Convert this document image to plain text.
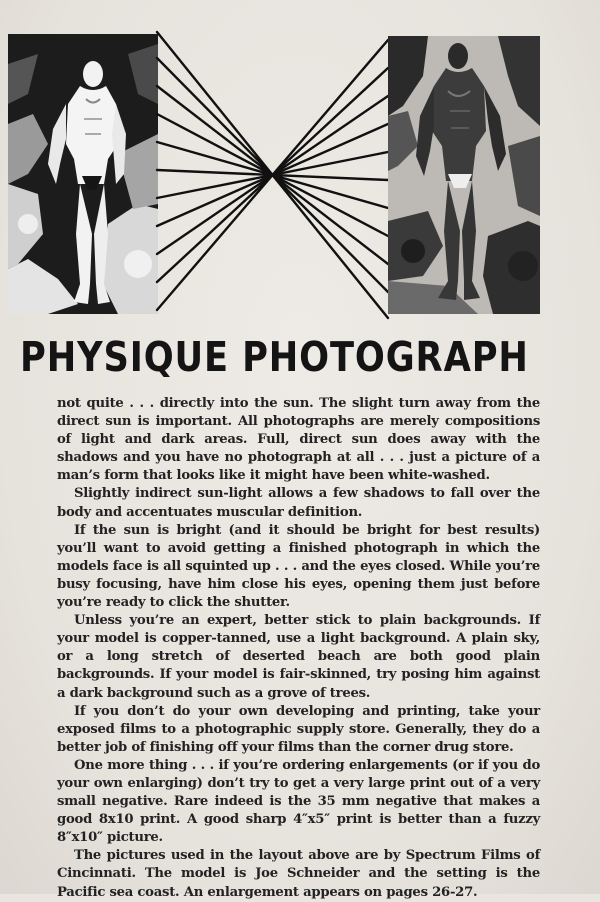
PHYSIQUE PHOTOGRAPH

not quite . . . directly into the sun. The slight turn away from the direct sun is important. All photographs are merely compositions of light and dark areas. Full, direct sun does away with the shadows and you have no photograph at all . . . just a picture of a man’s form that looks like it might have been white-washed.

Slightly indirect sun-light allows a few shadows to fall over the body and accentuates muscular definition.

If the sun is bright (and it should be bright for best results) you’ll want to avoid getting a finished photograph in which the models face is all squinted up . . . and the eyes closed. While you’re busy focusing, have him close his eyes, opening them just before you’re ready to click the shutter.

Unless you’re an expert, better stick to plain backgrounds. If your model is copper-tanned, use a light background. A plain sky, or a long stretch of deserted beach are both good plain backgrounds. If your model is fair-skinned, try posing him against a dark background such as a grove of trees.

If you don’t do your own developing and printing, take your exposed films to a photographic supply store. Generally, they do a better job of finishing off your films than the corner drug store.

One more thing . . . if you’re ordering enlargements (or if you do your own enlarging) don’t try to get a very large print out of a very small negative. Rare indeed is the 35 mm negative that makes a good 8x10 print. A good sharp 4″x5″ print is better than a fuzzy 8″x10″ picture.

The pictures used in the layout above are by Spectrum Films of Cincinnati. The model is Joe Schneider and the setting is the Pacific sea coast. An enlargement appears on pages 26-27.
